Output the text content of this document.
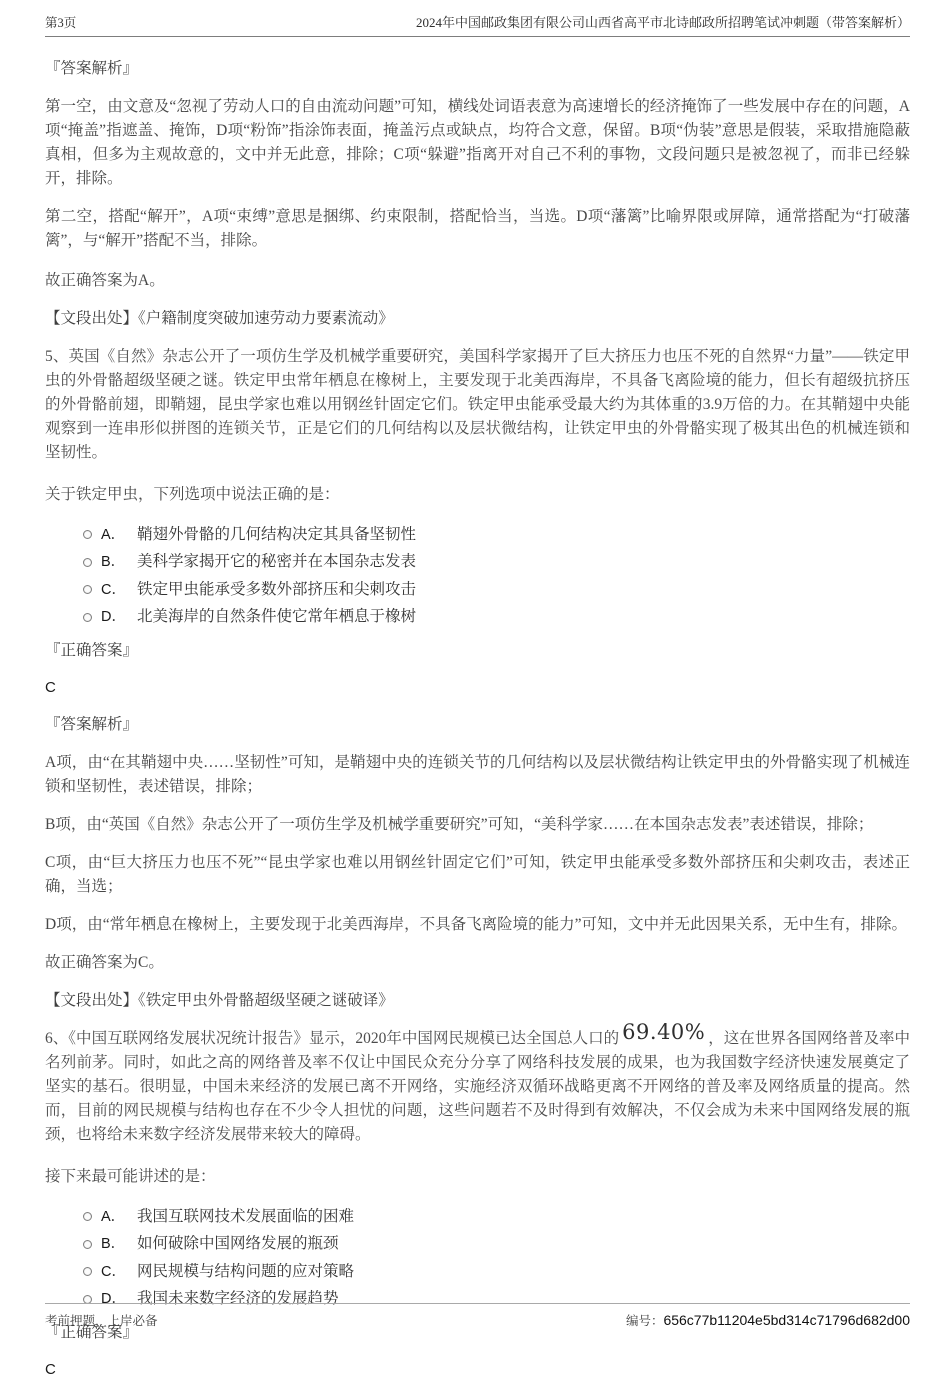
第3页	2024年中国邮政集团有限公司山西省高平市北诗邮政所招聘笔试冲刺题（带答案解析）

『答案解析』

第一空，由文意及“忽视了劳动人口的自由流动问题”可知，横线处词语表意为高速增长的经济掩饰了一些发展中存在的问题，A项“掩盖”指遮盖、掩饰，D项“粉饰”指涂饰表面，掩盖污点或缺点，均符合文意，保留。B项“伪装”意思是假装，采取措施隐蔽真相，但多为主观故意的，文中并无此意，排除；C项“躲避”指离开对自己不利的事物，文段问题只是被忽视了，而非已经躲开，排除。

第二空，搭配“解开”，A项“束缚”意思是捆绑、约束限制，搭配恰当，当选。D项“藩篱”比喻界限或屏障，通常搭配为“打破藩篱”，与“解开”搭配不当，排除。

故正确答案为A。

【文段出处】《户籍制度突破加速劳动力要素流动》

5、英国《自然》杂志公开了一项仿生学及机械学重要研究，美国科学家揭开了巨大挤压力也压不死的自然界“力量”——铁定甲虫的外骨骼超级坚硬之谜。铁定甲虫常年栖息在橡树上，主要发现于北美西海岸，不具备飞离险境的能力，但长有超级抗挤压的外骨骼前翅，即鞘翅，昆虫学家也难以用钢丝针固定它们。铁定甲虫能承受最大约为其体重的3.9万倍的力。在其鞘翅中央能观察到一连串形似拼图的连锁关节，正是它们的几何结构以及层状微结构，让铁定甲虫的外骨骼实现了极其出色的机械连锁和坚韧性。

关于铁定甲虫，下列选项中说法正确的是：

A． 鞘翅外骨骼的几何结构决定其具备坚韧性
B． 美科学家揭开它的秘密并在本国杂志发表
C． 铁定甲虫能承受多数外部挤压和尖刺攻击
D． 北美海岸的自然条件使它常年栖息于橡树

『正确答案』

C

『答案解析』

A项，由“在其鞘翅中央……坚韧性”可知，是鞘翅中央的连锁关节的几何结构以及层状微结构让铁定甲虫的外骨骼实现了机械连锁和坚韧性，表述错误，排除；

B项，由“英国《自然》杂志公开了一项仿生学及机械学重要研究”可知，“美科学家……在本国杂志发表”表述错误，排除；

C项，由“巨大挤压力也压不死”“昆虫学家也难以用钢丝针固定它们”可知，铁定甲虫能承受多数外部挤压和尖刺攻击，表述正确，当选；

D项，由“常年栖息在橡树上，主要发现于北美西海岸，不具备飞离险境的能力”可知，文中并无此因果关系，无中生有，排除。

故正确答案为C。

【文段出处】《铁定甲虫外骨骼超级坚硬之谜破译》

6、《中国互联网络发展状况统计报告》显示，2020年中国网民规模已达全国总人口的 69.40% ，这在世界各国网络普及率中名列前茅。同时，如此之高的网络普及率不仅让中国民众充分分享了网络科技发展的成果，也为我国数字经济快速发展奠定了坚实的基石。很明显，中国未来经济的发展已离不开网络，实施经济双循环战略更离不开网络的普及率及网络质量的提高。然而，目前的网民规模与结构也存在不少令人担忧的问题，这些问题若不及时得到有效解决，不仅会成为未来中国网络发展的瓶颈，也将给未来数字经济发展带来较大的障碍。

接下来最可能讲述的是：

A． 我国互联网技术发展面临的困难
B． 如何破除中国网络发展的瓶颈
C． 网民规模与结构问题的应对策略
D． 我国未来数字经济的发展趋势

『正确答案』

C

考前押题，上岸必备	编号：656c77b11204e5bd314c71796d682d00
